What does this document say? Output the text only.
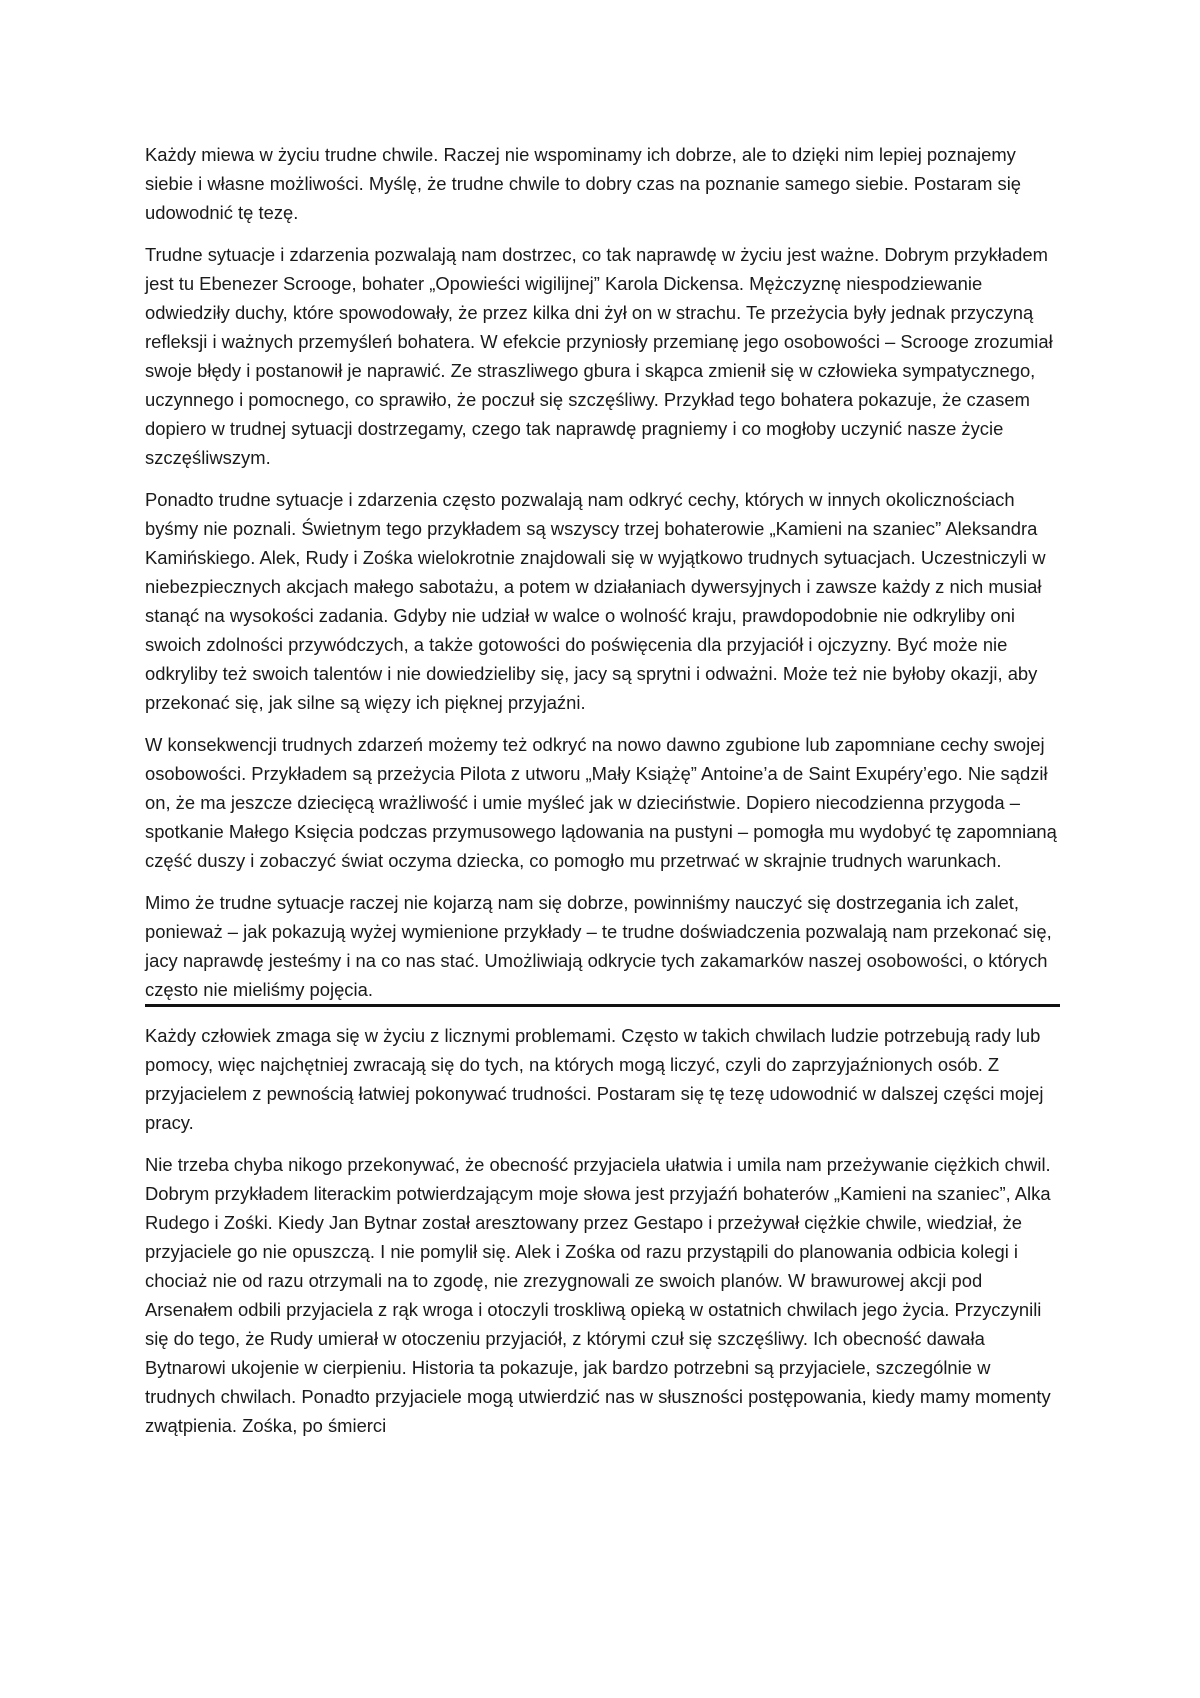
Każdy miewa w życiu trudne chwile. Raczej nie wspominamy ich dobrze, ale to dzięki nim lepiej poznajemy siebie i własne możliwości. Myślę, że trudne chwile to dobry czas na poznanie samego siebie. Postaram się udowodnić tę tezę.

Trudne sytuacje i zdarzenia pozwalają nam dostrzec, co tak naprawdę w życiu jest ważne. Dobrym przykładem jest tu Ebenezer Scrooge, bohater „Opowieści wigilijnej” Karola Dickensa. Mężczyznę niespodziewanie odwiedziły duchy, które spowodowały, że przez kilka dni żył on w strachu. Te przeżycia były jednak przyczyną refleksji i ważnych przemyśleń bohatera. W efekcie przyniosły przemianę jego osobowości – Scrooge zrozumiał swoje błędy i postanowił je naprawić. Ze straszliwego gbura i skąpca zmienił się w człowieka sympatycznego, uczynnego i pomocnego, co sprawiło, że poczuł się szczęśliwy. Przykład tego bohatera pokazuje, że czasem dopiero w trudnej sytuacji dostrzegamy, czego tak naprawdę pragniemy i co mogłoby uczynić nasze życie szczęśliwszym.

Ponadto trudne sytuacje i zdarzenia często pozwalają nam odkryć cechy, których w innych okolicznościach byśmy nie poznali. Świetnym tego przykładem są wszyscy trzej bohaterowie „Kamieni na szaniec” Aleksandra Kamińskiego. Alek, Rudy i Zośka wielokrotnie znajdowali się w wyjątkowo trudnych sytuacjach. Uczestniczyli w niebezpiecznych akcjach małego sabotażu, a potem w działaniach dywersyjnych i zawsze każdy z nich musiał stanąć na wysokości zadania. Gdyby nie udział w walce o wolność kraju, prawdopodobnie nie odkryliby oni swoich zdolności przywódczych, a także gotowości do poświęcenia dla przyjaciół i ojczyzny. Być może nie odkryliby też swoich talentów i nie dowiedzieliby się, jacy są sprytni i odważni. Może też nie byłoby okazji, aby przekonać się, jak silne są więzy ich pięknej przyjaźni.

W konsekwencji trudnych zdarzeń możemy też odkryć na nowo dawno zgubione lub zapomniane cechy swojej osobowości. Przykładem są przeżycia Pilota z utworu „Mały Książę” Antoine’a de Saint Exupéry’ego. Nie sądził on, że ma jeszcze dziecięcą wrażliwość i umie myśleć jak w dzieciństwie. Dopiero niecodzienna przygoda – spotkanie Małego Księcia podczas przymusowego lądowania na pustyni – pomogła mu wydobyć tę zapomnianą część duszy i zobaczyć świat oczyma dziecka, co pomogło mu przetrwać w skrajnie trudnych warunkach.

Mimo że trudne sytuacje raczej nie kojarzą nam się dobrze, powinniśmy nauczyć się dostrzegania ich zalet, ponieważ – jak pokazują wyżej wymienione przykłady – te trudne doświadczenia pozwalają nam przekonać się, jacy naprawdę jesteśmy i na co nas stać. Umożliwiają odkrycie tych zakamarków naszej osobowości, o których często nie mieliśmy pojęcia.

Każdy człowiek zmaga się w życiu z licznymi problemami. Często w takich chwilach ludzie potrzebują rady lub pomocy, więc najchętniej zwracają się do tych, na których mogą liczyć, czyli do zaprzyjaźnionych osób. Z przyjacielem z pewnością łatwiej pokonywać trudności. Postaram się tę tezę udowodnić w dalszej części mojej pracy.

Nie trzeba chyba nikogo przekonywać, że obecność przyjaciela ułatwia i umila nam przeżywanie ciężkich chwil. Dobrym przykładem literackim potwierdzającym moje słowa jest przyjaźń bohaterów „Kamieni na szaniec”, Alka Rudego i Zośki. Kiedy Jan Bytnar został aresztowany przez Gestapo i przeżywał ciężkie chwile, wiedział, że przyjaciele go nie opuszczą. I nie pomylił się. Alek i Zośka od razu przystąpili do planowania odbicia kolegi i chociaż nie od razu otrzymali na to zgodę, nie zrezygnowali ze swoich planów. W brawurowej akcji pod Arsenałem odbili przyjaciela z rąk wroga i otoczyli troskliwą opieką w ostatnich chwilach jego życia. Przyczynili się do tego, że Rudy umierał w otoczeniu przyjaciół, z którymi czuł się szczęśliwy. Ich obecność dawała Bytnarowi ukojenie w cierpieniu. Historia ta pokazuje, jak bardzo potrzebni są przyjaciele, szczególnie w trudnych chwilach. Ponadto przyjaciele mogą utwierdzić nas w słuszności postępowania, kiedy mamy momenty zwątpienia. Zośka, po śmierci
